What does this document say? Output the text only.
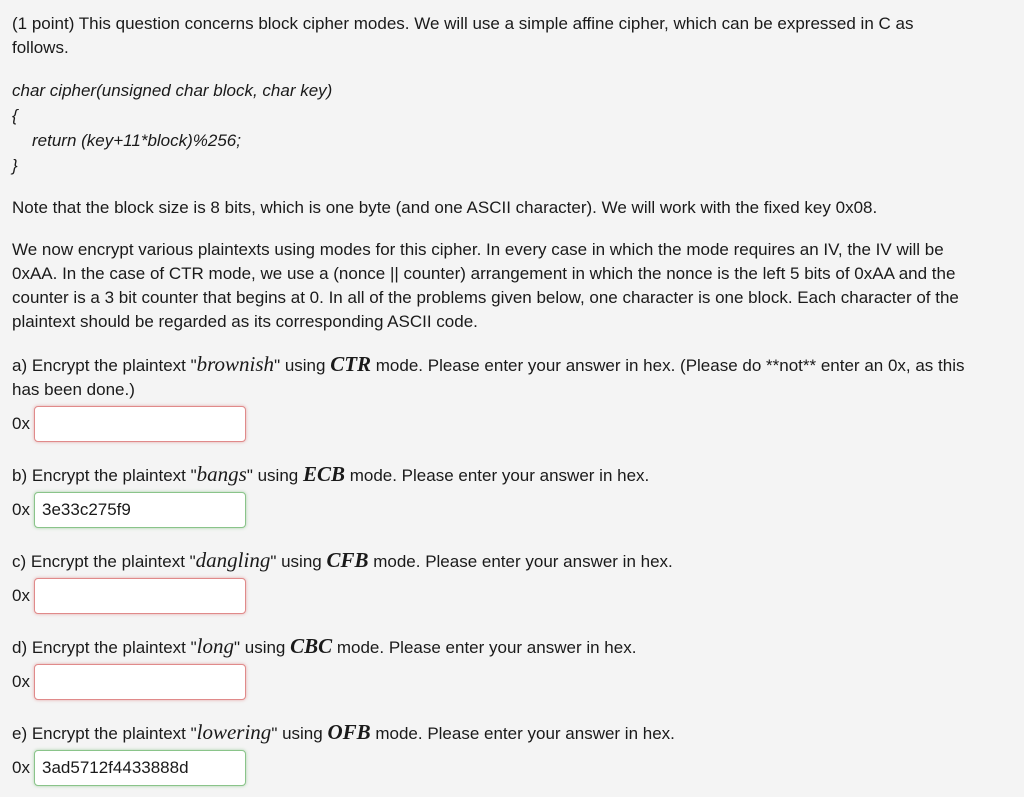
(1 point) This question concerns block cipher modes. We will use a simple affine cipher, which can be expressed in C as
follows.
char cipher(unsigned char block, char key)
{
return (key+11*block)%256;
}
Note that the block size is 8 bits, which is one byte (and one ASCII character). We will work with the fixed key 0x08.
We now encrypt various plaintexts using modes for this cipher. In every case in which the mode requires an IV, the IV will be
0xAA. In the case of CTR mode, we use a (nonce || counter) arrangement in which the nonce is the left 5 bits of 0xAA and the
counter is a 3 bit counter that begins at 0. In all of the problems given below, one character is one block. Each character of the
plaintext should be regarded as its corresponding ASCII code.
a) Encrypt the plaintext "brownish" using CTR mode. Please enter your answer in hex. (Please do **not** enter an 0x, as this
has been done.)
0x
b) Encrypt the plaintext "bangs" using ECB mode. Please enter your answer in hex.
0x
3e33c275f9
c) Encrypt the plaintext "dangling" using CFB mode. Please enter your answer in hex.
0x
d) Encrypt the plaintext "long" using CBC mode. Please enter your answer in hex.
0x
e) Encrypt the plaintext "lowering" using OFB mode. Please enter your answer in hex.
0x
3ad5712f4433888d
